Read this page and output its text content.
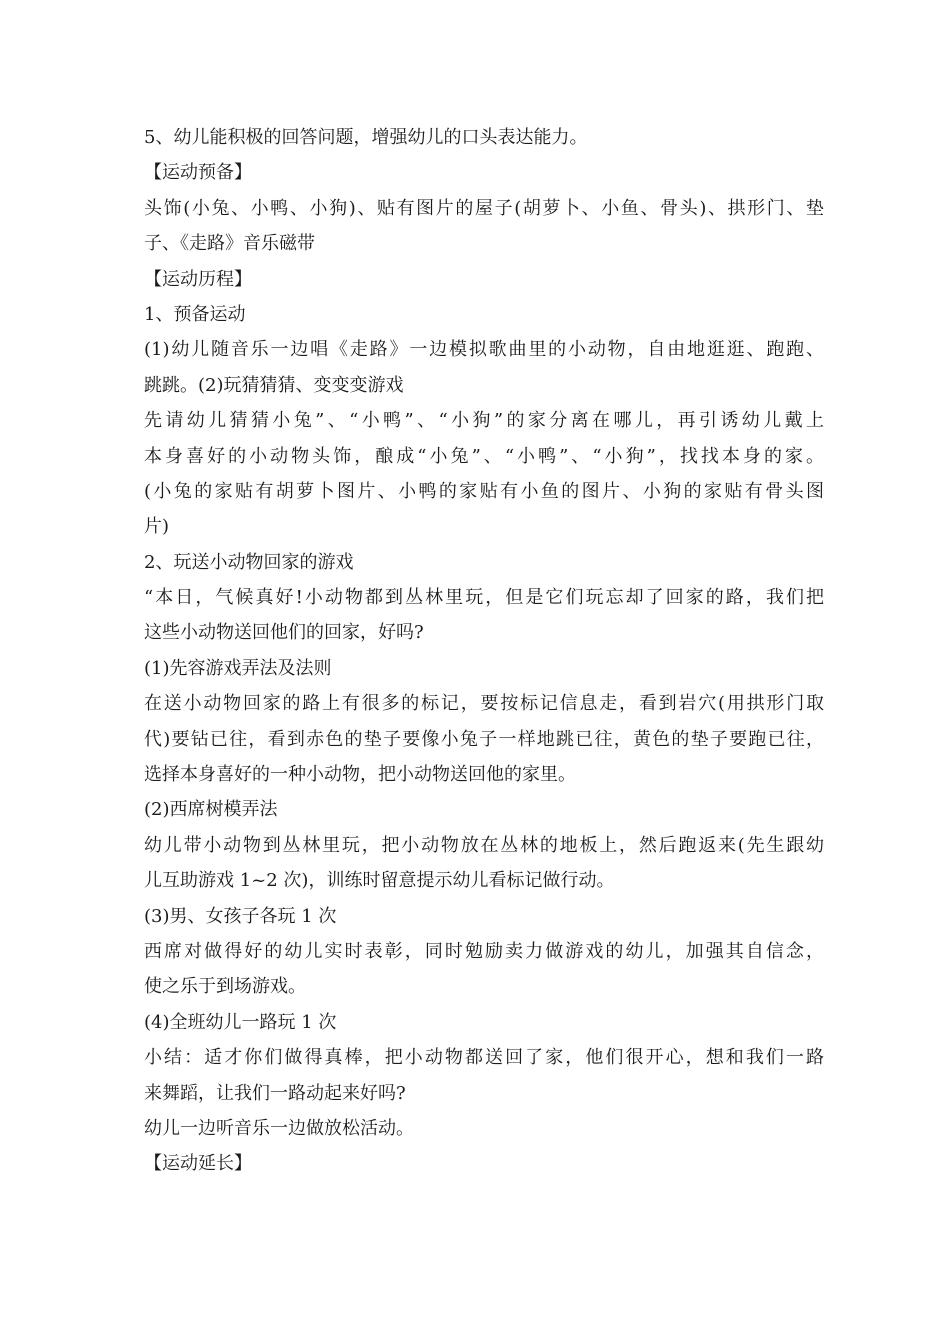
5、幼儿能积极的回答问题，增强幼儿的口头表达能力。
【运动预备】
头饰(小兔、小鸭、小狗)、贴有图片的屋子(胡萝卜、小鱼、骨头)、拱形门、垫
子、《走路》音乐磁带
【运动历程】
1、预备运动
(1)幼儿随音乐一边唱《走路》一边模拟歌曲里的小动物，自由地逛逛、跑跑、
跳跳。(2)玩猜猜猜、变变变游戏
先请幼儿猜猜小兔”、“小鸭”、“小狗”的家分离在哪儿，再引诱幼儿戴上
本身喜好的小动物头饰，酿成“小兔”、“小鸭”、“小狗”，找找本身的家。
(小兔的家贴有胡萝卜图片、小鸭的家贴有小鱼的图片、小狗的家贴有骨头图
片)
2、玩送小动物回家的游戏
“本日，气候真好!小动物都到丛林里玩，但是它们玩忘却了回家的路，我们把
这些小动物送回他们的回家，好吗?
(1)先容游戏弄法及法则
在送小动物回家的路上有很多的标记，要按标记信息走，看到岩穴(用拱形门取
代)要钻已往，看到赤色的垫子要像小兔子一样地跳已往，黄色的垫子要跑已往，
选择本身喜好的一种小动物，把小动物送回他的家里。
(2)西席树模弄法
幼儿带小动物到丛林里玩，把小动物放在丛林的地板上，然后跑返来(先生跟幼
儿互助游戏 1~2 次)，训练时留意提示幼儿看标记做行动。
(3)男、女孩子各玩 1 次
西席对做得好的幼儿实时表彰，同时勉励卖力做游戏的幼儿，加强其自信念，
使之乐于到场游戏。
(4)全班幼儿一路玩 1 次
小结：适才你们做得真棒，把小动物都送回了家，他们很开心，想和我们一路
来舞蹈，让我们一路动起来好吗?
幼儿一边听音乐一边做放松活动。
【运动延长】
